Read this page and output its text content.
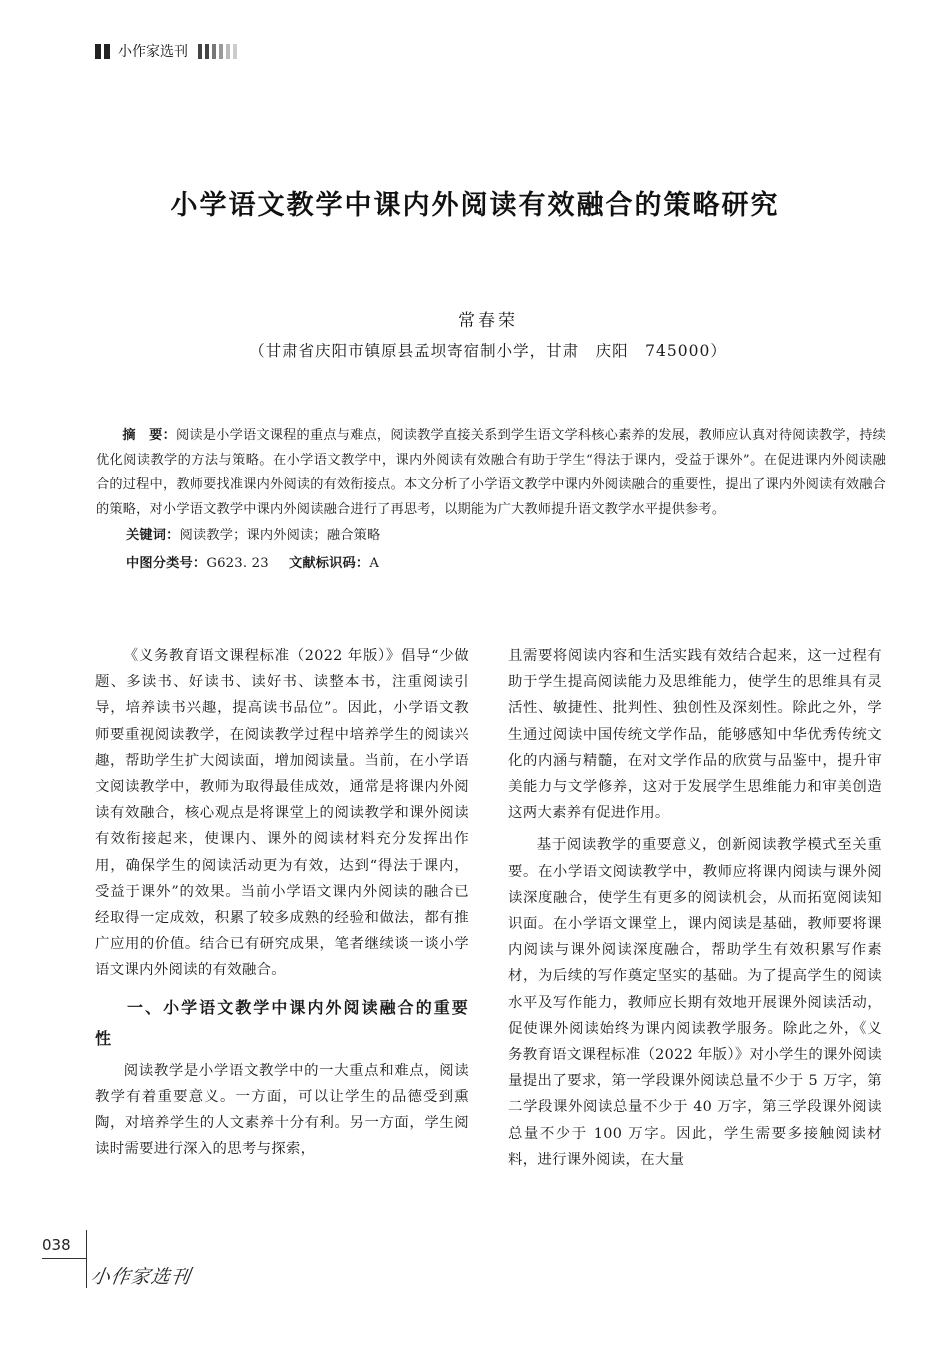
小作家选刊
小学语文教学中课内外阅读有效融合的策略研究
常春荣
（甘肃省庆阳市镇原县孟坝寄宿制小学，甘肃　庆阳　745000）

摘　要：阅读是小学语文课程的重点与难点，阅读教学直接关系到学生语文学科核心素养的发展，教师应认真对待阅读教学，持续优化阅读教学的方法与策略。在小学语文教学中，课内外阅读有效融合有助于学生“得法于课内，受益于课外”。在促进课内外阅读融合的过程中，教师要找准课内外阅读的有效衔接点。本文分析了小学语文教学中课内外阅读融合的重要性，提出了课内外阅读有效融合的策略，对小学语文教学中课内外阅读融合进行了再思考，以期能为广大教师提升语文教学水平提供参考。

关键词：阅读教学；课内外阅读；融合策略
中图分类号：G623. 23   文献标识码：A

《义务教育语文课程标准（2022 年版）》倡导“少做题、多读书、好读书、读好书、读整本书，注重阅读引导，培养读书兴趣，提高读书品位”。因此，小学语文教师要重视阅读教学，在阅读教学过程中培养学生的阅读兴趣，帮助学生扩大阅读面，增加阅读量。当前，在小学语文阅读教学中，教师为取得最佳成效，通常是将课内外阅读有效融合，核心观点是将课堂上的阅读教学和课外阅读有效衔接起来，使课内、课外的阅读材料充分发挥出作用，确保学生的阅读活动更为有效，达到“得法于课内，受益于课外”的效果。当前小学语文课内外阅读的融合已经取得一定成效，积累了较多成熟的经验和做法，都有推广应用的价值。结合已有研究成果，笔者继续谈一谈小学语文课内外阅读的有效融合。

一、小学语文教学中课内外阅读融合的重要性

阅读教学是小学语文教学中的一大重点和难点，阅读教学有着重要意义。一方面，可以让学生的品德受到熏陶，对培养学生的人文素养十分有利。另一方面，学生阅读时需要进行深入的思考与探索，

且需要将阅读内容和生活实践有效结合起来，这一过程有助于学生提高阅读能力及思维能力，使学生的思维具有灵活性、敏捷性、批判性、独创性及深刻性。除此之外，学生通过阅读中国传统文学作品，能够感知中华优秀传统文化的内涵与精髓，在对文学作品的欣赏与品鉴中，提升审美能力与文学修养，这对于发展学生思维能力和审美创造这两大素养有促进作用。

基于阅读教学的重要意义，创新阅读教学模式至关重要。在小学语文阅读教学中，教师应将课内阅读与课外阅读深度融合，使学生有更多的阅读机会，从而拓宽阅读知识面。在小学语文课堂上，课内阅读是基础，教师要将课内阅读与课外阅读深度融合，帮助学生有效积累写作素材，为后续的写作奠定坚实的基础。为了提高学生的阅读水平及写作能力，教师应长期有效地开展课外阅读活动，促使课外阅读始终为课内阅读教学服务。除此之外，《义务教育语文课程标准（2022 年版）》对小学生的课外阅读量提出了要求，第一学段课外阅读总量不少于 5 万字，第二学段课外阅读总量不少于 40 万字，第三学段课外阅读总量不少于 100 万字。因此，学生需要多接触阅读材料，进行课外阅读，在大量

038
小作家选刊
